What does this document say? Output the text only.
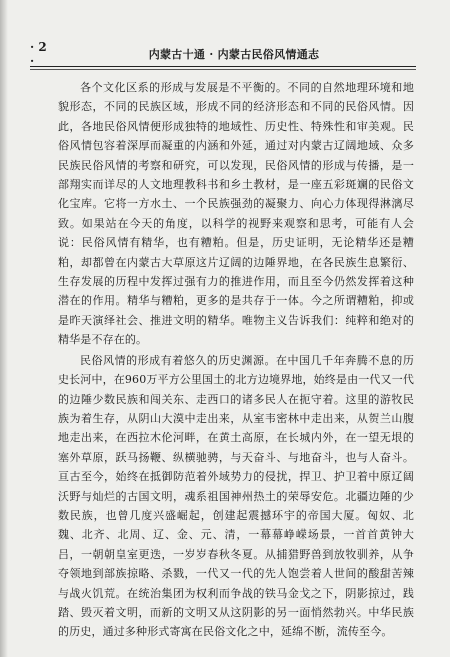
· 2 ·	内蒙古十通 · 内蒙古民俗风情通志

各个文化区系的形成与发展是不平衡的。不同的自然地理环境和地貌形态，不同的民族区域，形成不同的经济形态和不同的民俗风情。因此，各地民俗风情便形成独特的地域性、历史性、特殊性和审美观。民俗风情包容着深厚而凝重的内涵和外延，通过对内蒙古辽阔地域、众多民族民俗风情的考察和研究，可以发现，民俗风情的形成与传播，是一部翔实而详尽的人文地理教科书和乡土教材，是一座五彩斑斓的民俗文化宝库。它将一方水土、一个民族强劲的凝聚力、向心力体现得淋漓尽致。如果站在今天的角度，以科学的视野来观察和思考，可能有人会说：民俗风情有精华，也有糟粕。但是，历史证明，无论精华还是糟粕，却都曾在内蒙古大草原这片辽阔的边陲界地，在各民族生息繁衍、生存发展的历程中发挥过强有力的推进作用，而且至今仍然发挥着这种潜在的作用。精华与糟粕，更多的是共存于一体。今之所谓糟粕，抑或是昨天演绎社会、推进文明的精华。唯物主义告诉我们：纯粹和绝对的精华是不存在的。

民俗风情的形成有着悠久的历史渊源。在中国几千年奔腾不息的历史长河中，在960万平方公里国土的北方边境界地，始终是由一代又一代的边陲少数民族和闯关东、走西口的诸多民人在扼守着。这里的游牧民族为着生存，从阴山大漠中走出来，从室韦密林中走出来，从贺兰山腹地走出来，在西拉木伦河畔，在黄土高原，在长城内外，在一望无垠的塞外草原，跃马扬鞭、纵横驰骋，与天奋斗、与地奋斗，也与人奋斗。亘古至今，始终在抵御防范着外域势力的侵扰，捍卫、护卫着中原辽阔沃野与灿烂的古国文明，魂系祖国神州热土的荣辱安危。北疆边陲的少数民族，也曾几度兴盛崛起，创建起震撼环宇的帝国大厦。匈奴、北魏、北齐、北周、辽、金、元、清，一幕幕峥嵘场景，一首首黄钟大吕，一朝朝皇室更迭，一岁岁春秋冬夏。从捕猎野兽到放牧驯养，从争夺领地到部族掠略、杀戮，一代又一代的先人饱尝着人世间的酸甜苦辣与战火饥荒。在统治集团为权利而争战的铁马金戈之下，阴影掠过，践踏、毁灭着文明，而新的文明又从这阴影的另一面悄然勃兴。中华民族的历史，通过多种形式寄寓在民俗文化之中，延绵不断，流传至今。
